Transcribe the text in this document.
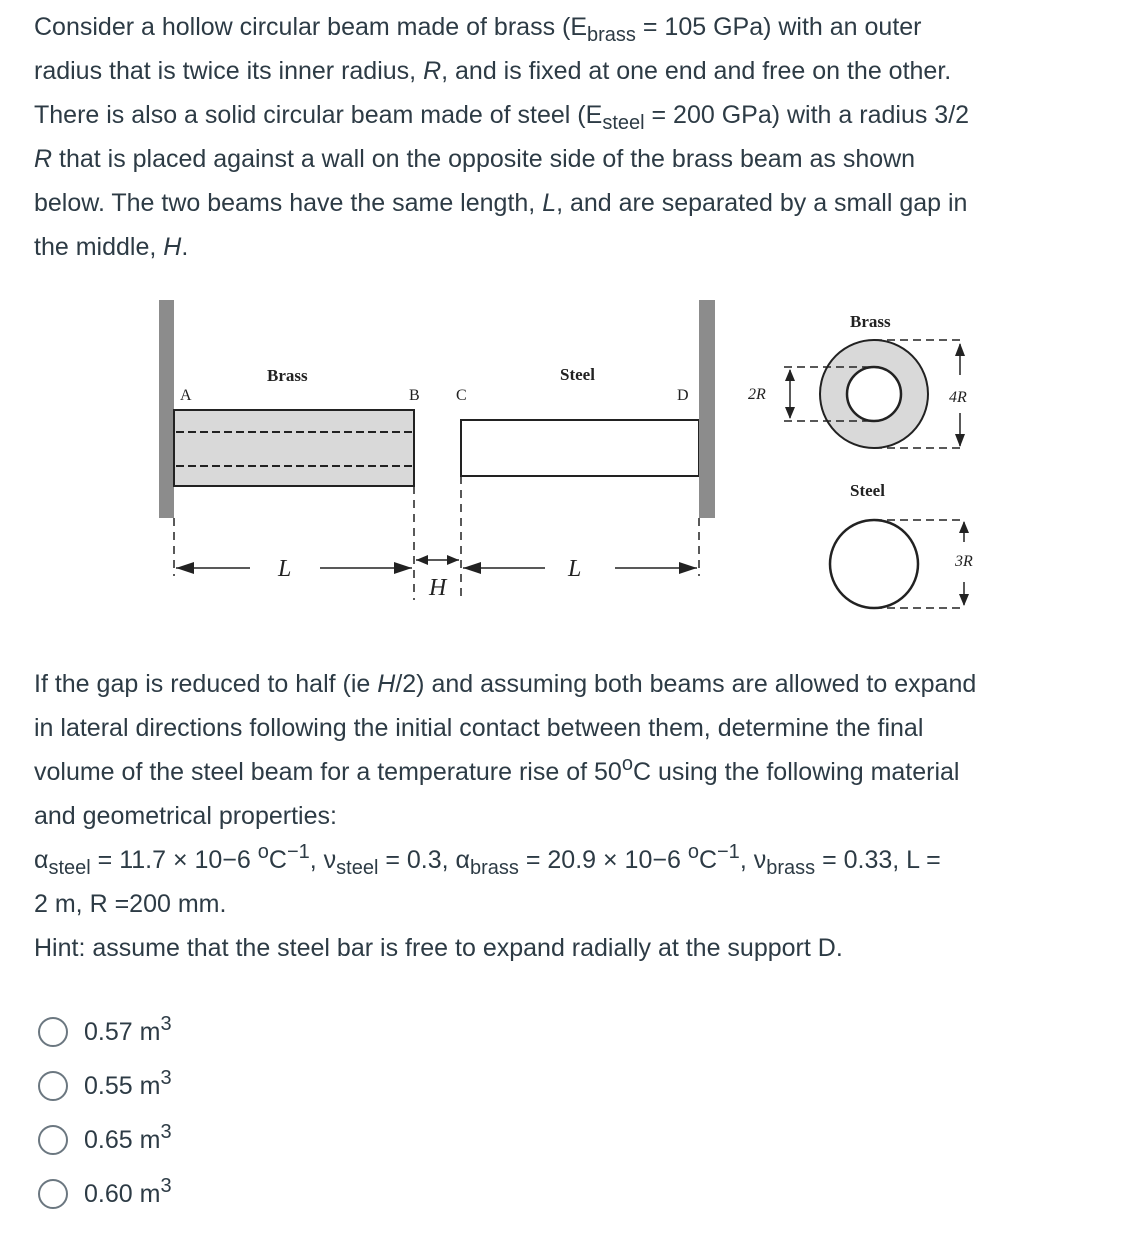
Consider a hollow circular beam made of brass ($E_{brass} = 105$ GPa) with an outer
radius that is twice its inner radius, R, and is fixed at one end and free on the other.
There is also a solid circular beam made of steel ($E_{steel} = 200$ GPa) with a radius 3/2
R that is placed against a wall on the opposite side of the brass beam as shown
below. The two beams have the same length, L, and are separated by a small gap in
the middle, H.
A
Brass
B C
Steel
D
L	L
H
Brass
2R	4R
Steel
3R
If the gap is reduced to half (ie H/2) and assuming both beams are allowed to expand
in lateral directions following the initial contact between them, determine the final
volume of the steel beam for a temperature rise of 50$^o$C using the following material
and geometrical properties:
$\alpha_{steel} = 11.7 \times 10-6$ $^oC^{-1}$, $\nu_{steel} = 0.3$, $\alpha_{brass} = 20.9 \times 10-6$ $^oC^{-1}$, $\nu_{brass} = 0.33$, L =
2 m, R =200 mm.
Hint: assume that the steel bar is free to expand radially at the support D.
0.57 $m^3$
0.55 $m^3$
0.65 $m^3$
0.60 $m^3$
